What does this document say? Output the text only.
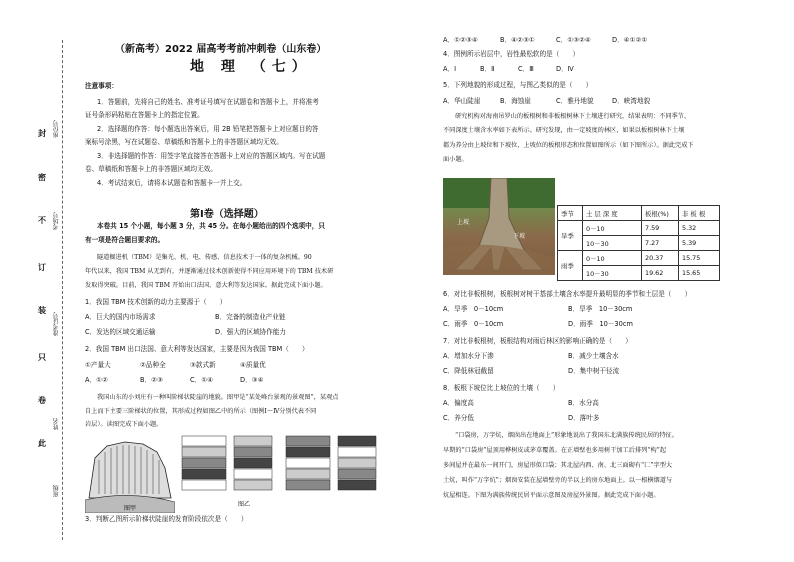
封
密
不
订
装
只
卷
此
座位号
考场号
准考证号
姓名
班级
（新高考）2022 届高考考前冲刺卷（山东卷）
地 理 （七）
注意事项：
1．答题前，先将自己的姓名、准考证号填写在试题卷和答题卡上，并将准考
证号条形码粘贴在答题卡上的指定位置。
2．选择题的作答：每小题选出答案后，用 2B 铅笔把答题卡上对应题目的答
案标号涂黑，写在试题卷、草稿纸和答题卡上的非答题区域均无效。
3．非选择题的作答：用签字笔直接答在答题卡上对应的答题区域内。写在试题
卷、草稿纸和答题卡上的非答题区域均无效。
4．考试结束后，请将本试题卷和答题卡一并上交。
第Ⅰ卷（选择题）
本卷共 15 个小题，每小题 3 分，共 45 分。在每小题给出的四个选项中，只
有一项是符合题目要求的。
隧道掘进机（TBM）是集光、机、电、传感、信息技术于一体的复杂机械。90
年代以来，我国 TBM 从无到有，并逐渐通过技术创新使得不同应用环境下的 TBM 技术研
发取得突破。目前，我国 TBM 开始出口法国、意大利等发达国家。据此完成下面小题。
1．我国 TBM 技术创新的动力主要源于（　　）
A．巨大的国内市场需求	B．完备的制造业产业链
C．发达的区域交通运输	D．强大的区域协作能力
2．我国 TBM 出口法国、意大利等发达国家，主要是因为我国 TBM（　　）
①产量大	②品种全	③款式新	④质量优
A．①②	B．②③	C．①④	D．③④
我国山东的小刘庄有一种叫阶梯状陡崖的地貌。图甲是“某处峰台景观的景观图”，某观点
自上而下主要三阶梯状的位置，其形成过程如图乙中的所示（图例Ⅰ～Ⅳ分别代表不同
岩层）。读图完成下面小题。
图甲
图乙
3．判断乙图所示阶梯状陡崖的发育阶段依次是（　　）
A．①②③④	B．④②③①	C．①③②④	D．④①②①
4．图例所示岩层中，岩性最松软的是（　　）
A．Ⅰ	B．Ⅱ	C．Ⅲ	D．Ⅳ
5．下列地貌的形成过程，与图乙类似的是（　　）
A．华山陡崖	B．海蚀崖	C．雅丹地貌	D．峡湾地貌
研究机构对海南吊罗山的板根树和非板根树林下土壤进行研究，结果表明：不同季节、
不同深度土壤含水率如下表所示。研究发现，由一定坡度的林区，如果以板根树林下土壤
都为养分由上坡位和下坡位，上坡位的板根形态和位置如图所示（如下图所示）。据此完成下
面小题。
上坡
下坡
季节	土 层 深 度	板根(%)	非 板 根
旱季	0－10	7.59	5.32
	10－30	7.27	5.39
雨季	0－10	20.37	15.75
	10－30	19.62	15.65
6．对比非板根树，板根树对树干基部土壤含水率提升最明显的季节和土层是（　　）
A．旱季　0－10cm	B．旱季　10－30cm
C．雨季　0－10cm	D．雨季　10－30cm
7．对比非板根树，板根结构对雨后林区的影响正确的是（　　）
A．增加水分下渗	B．减少土壤含水
C．降低林冠截留	D．集中树干径流
8．板根下坡位比上坡位的土壤（　　）
A．偏度高	B．水分高
C．养分低	D．落叶多
“口袋房，万字炕，烟囱出在地面上”形象地说出了我国东北满族传统民居的特征。
早期的“口袋房”屋顶用桦树皮或茅草覆盖。在正墙壁也多用树干加工后排列“构”起
多间屋并在最东一间开门，房屋形似口袋；其北屋内西、南、北三面砌有“匚”字型大
土炕，叫作“万字炕”；烟囱安装在屋墙壁旁的半以上的房东地面上。以一根横烟道与
炕屋相连。下图为满族传统民居平面示意图及房屋外景图。据此完成下面小题。
